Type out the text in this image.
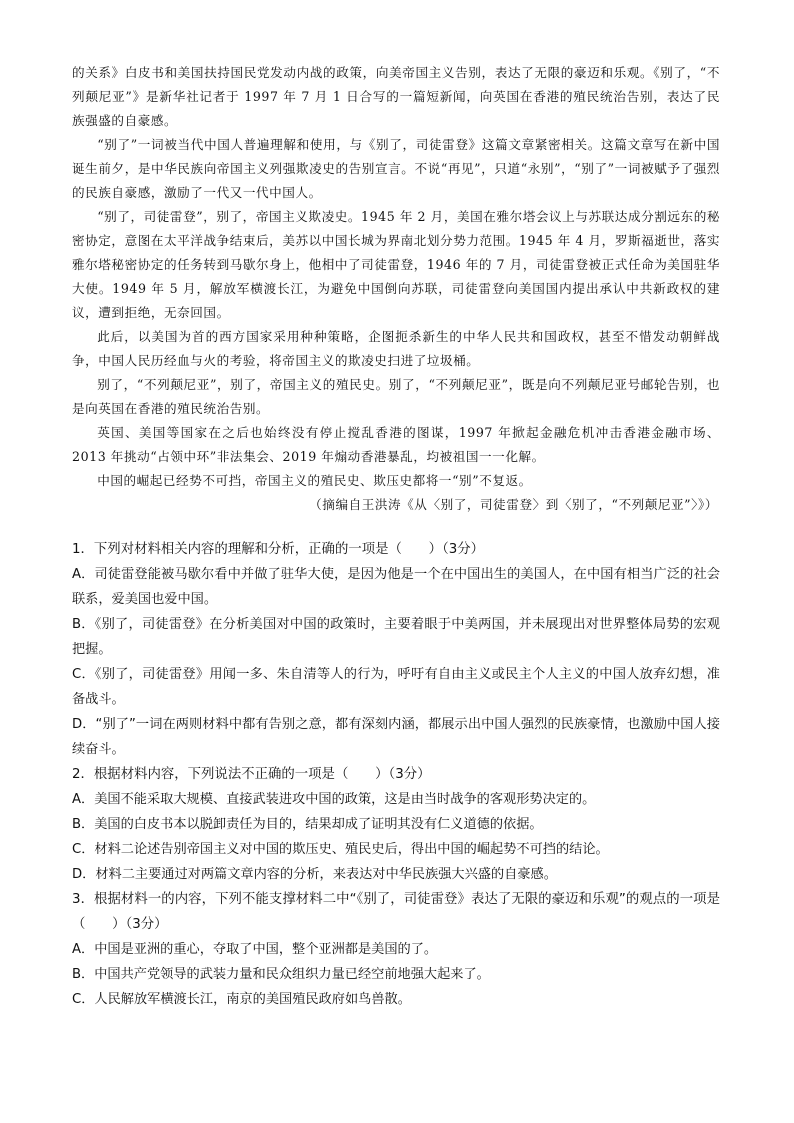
的关系》白皮书和美国扶持国民党发动内战的政策，向美帝国主义告别，表达了无限的豪迈和乐观。《别了，“不列颠尼亚”》是新华社记者于 1997 年 7 月 1 日合写的一篇短新闻，向英国在香港的殖民统治告别，表达了民族强盛的自豪感。

“别了”一词被当代中国人普遍理解和使用，与《别了，司徒雷登》这篇文章紧密相关。这篇文章写在新中国诞生前夕，是中华民族向帝国主义列强欺凌史的告别宣言。不说“再见”，只道“永别”，“别了”一词被赋予了强烈的民族自豪感，激励了一代又一代中国人。

“别了，司徒雷登”，别了，帝国主义欺凌史。1945 年 2 月，美国在雅尔塔会议上与苏联达成分割远东的秘密协定，意图在太平洋战争结束后，美苏以中国长城为界南北划分势力范围。1945 年 4 月，罗斯福逝世，落实雅尔塔秘密协定的任务转到马歇尔身上，他相中了司徒雷登，1946 年的 7 月，司徒雷登被正式任命为美国驻华大使。1949 年 5 月，解放军横渡长江，为避免中国倒向苏联，司徒雷登向美国国内提出承认中共新政权的建议，遭到拒绝，无奈回国。

此后，以美国为首的西方国家采用种种策略，企图扼杀新生的中华人民共和国政权，甚至不惜发动朝鲜战争，中国人民历经血与火的考验，将帝国主义的欺凌史扫进了垃圾桶。

别了，“不列颠尼亚”，别了，帝国主义的殖民史。别了，“不列颠尼亚”，既是向不列颠尼亚号邮轮告别，也是向英国在香港的殖民统治告别。

英国、美国等国家在之后也始终没有停止搅乱香港的图谋，1997 年掀起金融危机冲击香港金融市场、2013 年挑动“占领中环”非法集会、2019 年煽动香港暴乱，均被祖国一一化解。

中国的崛起已经势不可挡，帝国主义的殖民史、欺压史都将一“别”不复返。

（摘编自王洪涛《从〈别了，司徒雷登〉到〈别了，“不列颠尼亚”〉》）

1．下列对材料相关内容的理解和分析，正确的一项是（　　）（3分）

A．司徒雷登能被马歇尔看中并做了驻华大使，是因为他是一个在中国出生的美国人，在中国有相当广泛的社会联系，爱美国也爱中国。

B．《别了，司徒雷登》在分析美国对中国的政策时，主要着眼于中美两国，并未展现出对世界整体局势的宏观把握。

C．《别了，司徒雷登》用闻一多、朱自清等人的行为，呼吁有自由主义或民主个人主义的中国人放弃幻想，准备战斗。

D．“别了”一词在两则材料中都有告别之意，都有深刻内涵，都展示出中国人强烈的民族豪情，也激励中国人接续奋斗。

2．根据材料内容，下列说法不正确的一项是（　　）（3分）

A．美国不能采取大规模、直接武装进攻中国的政策，这是由当时战争的客观形势决定的。

B．美国的白皮书本以脱卸责任为目的，结果却成了证明其没有仁义道德的依据。

C．材料二论述告别帝国主义对中国的欺压史、殖民史后，得出中国的崛起势不可挡的结论。

D．材料二主要通过对两篇文章内容的分析，来表达对中华民族强大兴盛的自豪感。

3．根据材料一的内容，下列不能支撑材料二中“《别了，司徒雷登》表达了无限的豪迈和乐观”的观点的一项是（　　）（3分）

A．中国是亚洲的重心，夺取了中国，整个亚洲都是美国的了。

B．中国共产党领导的武装力量和民众组织力量已经空前地强大起来了。

C．人民解放军横渡长江，南京的美国殖民政府如鸟兽散。
